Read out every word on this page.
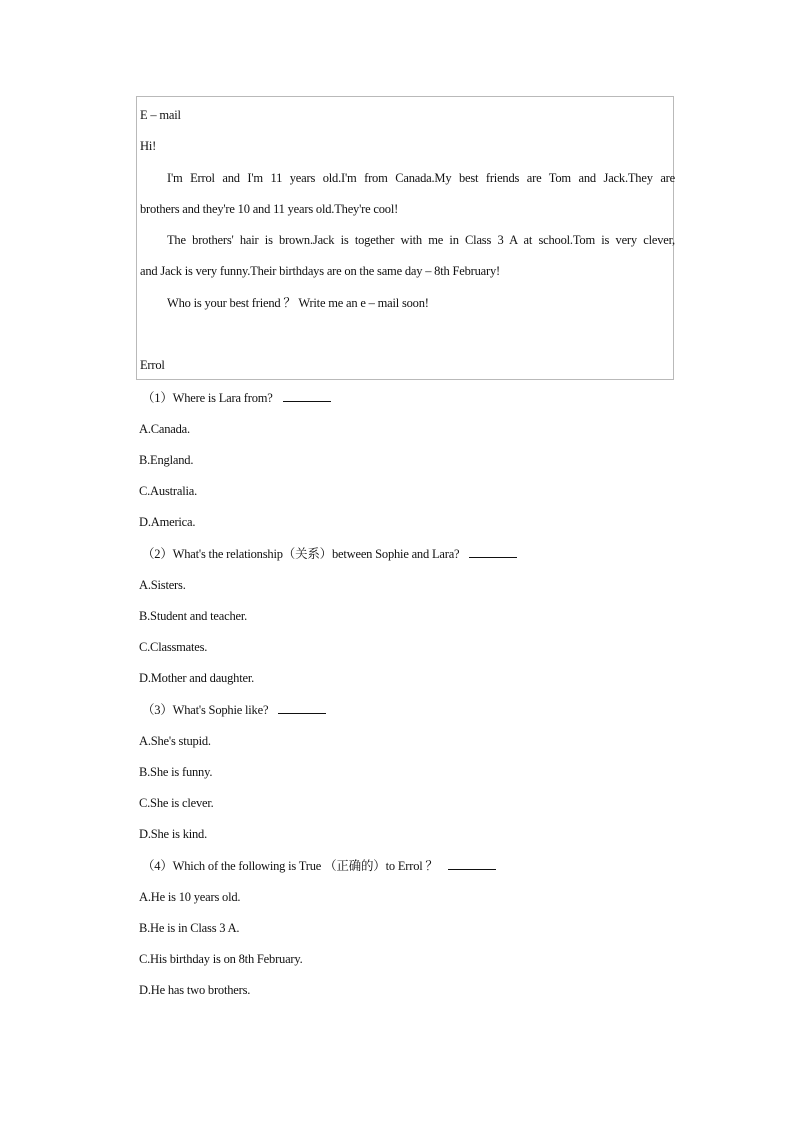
E – mail
Hi!
I'm Errol and I'm 11 years old.I'm from Canada.My best friends are Tom and Jack.They are
brothers and they're 10 and 11 years old.They're cool!
The brothers' hair is brown.Jack is together with me in Class 3 A at school.Tom is very clever,
and Jack is very funny.Their birthdays are on the same day – 8th February!
Who is your best friend ？ Write me an e – mail soon!
Errol
（1）Where is Lara from?
A.Canada.
B.England.
C.Australia.
D.America.
（2）What's the relationship（关系）between Sophie and Lara?
A.Sisters.
B.Student and teacher.
C.Classmates.
D.Mother and daughter.
（3）What's Sophie like?
A.She's stupid.
B.She is funny.
C.She is clever.
D.She is kind.
（4）Which of the following is True （正确的）to Errol ？
A.He is 10 years old.
B.He is in Class 3 A.
C.His birthday is on 8th February.
D.He has two brothers.
